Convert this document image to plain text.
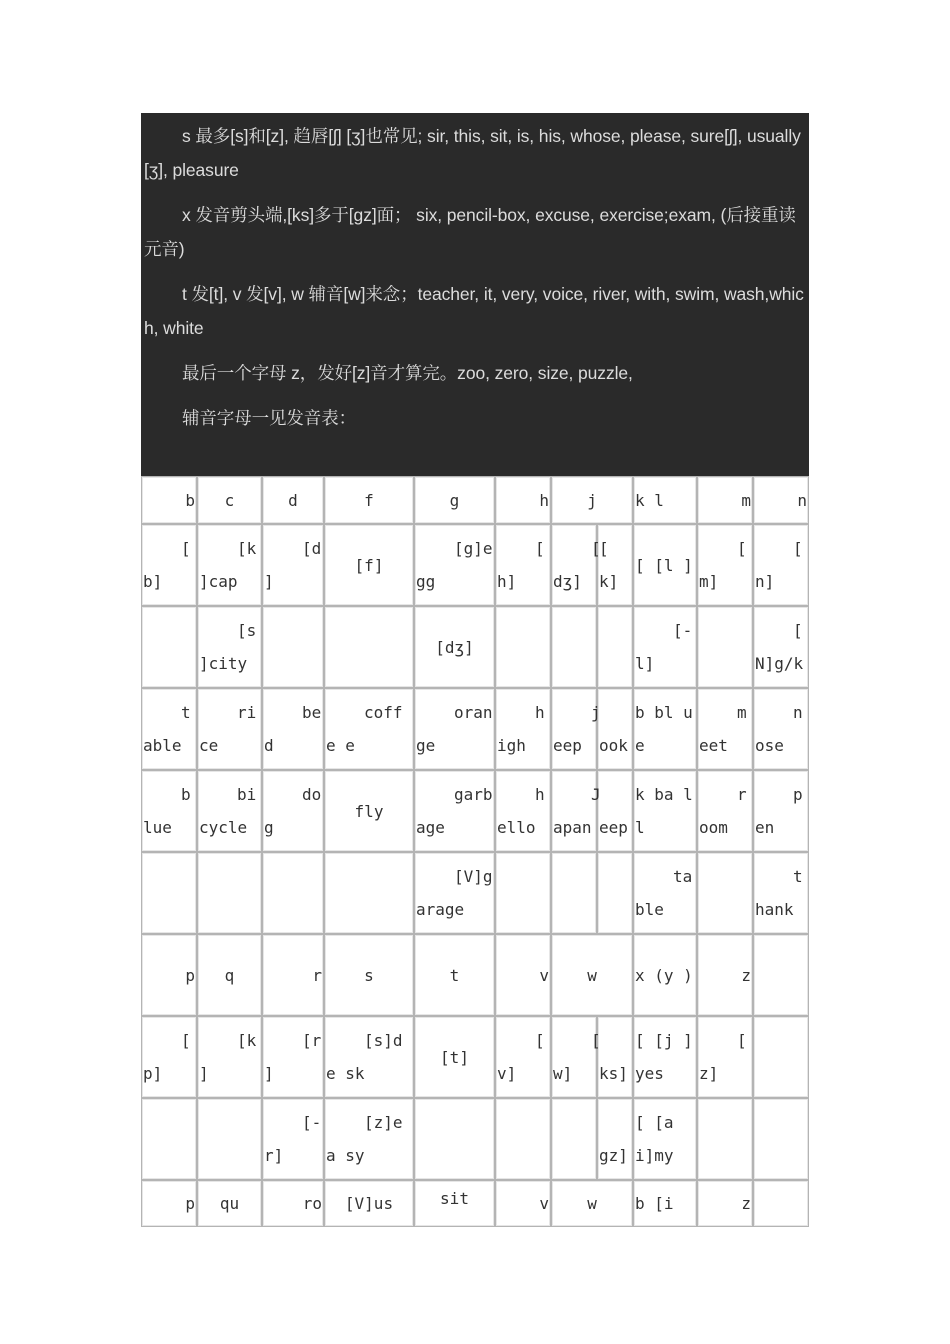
s 最多[s]和[z], 趋唇[ʃ] [ʒ]也常见; sir, this, sit, is, his, whose, please, sure[ʃ], usually[ʒ], pleasure

x 发音剪头端,[ks]多于[gz]面； six, pencil-box, excuse, exercise;exam, (后接重读元音)

t 发[t], v 发[v], w 辅音[w]来念；teacher, it, very, voice, river, with, swim, wash,which, white

最后一个字母 z，发好[z]音才算完。zoo, zero, size, puzzle,

辅音字母一见发音表：

b	c	d	f	g	h	j		k l	m	n

[ b]	[k ]cap	[d ]	[f]	[g]e gg	[ h]	[ dʒ]	[ k]	[ [l ]	[ m]	[ n]

	[s ]city			[dʒ]				[- l]		[ N]g/k

t able	ri ce	be d	coffe e	oran ge	h igh	j eep	ook	b bl ue	m eet	n ose

b lue	bi cycle	do g	fly	garb age	h ello	J apan	eep	k ba ll	r oom	p en

				[V]g arage				ta ble		t hank

p	q	r	s	t	v	w		x (y )	z	

[ p]	[k ]	[r ]	[s]de sk	[t]	[ v]	[ w]	ks]	[ [j ]yes	[ z]	

		[- r]	[z]ea sy				gz]	[ [a i]my		

p	qu	ro	[V]us	sit	v	w		b [i	z	
